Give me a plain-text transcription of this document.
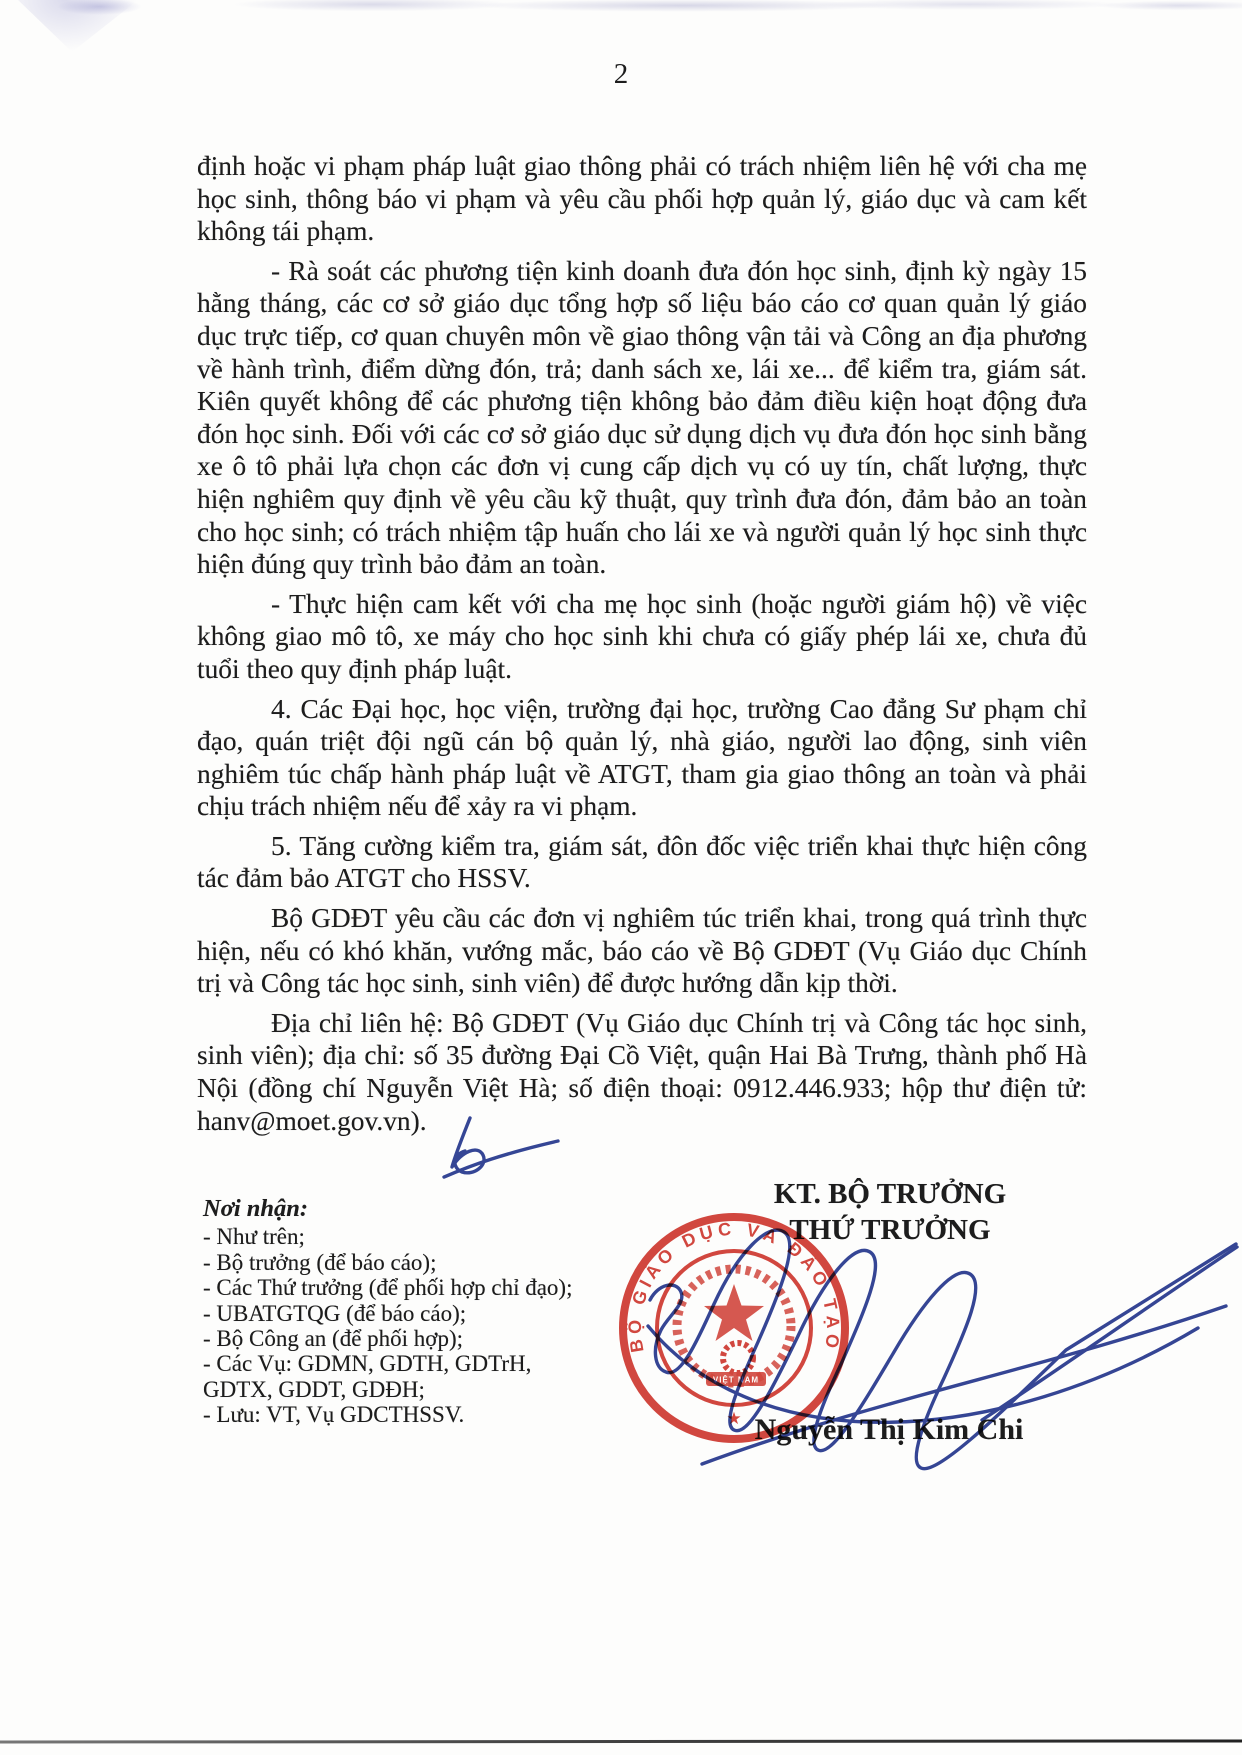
2

định hoặc vi phạm pháp luật giao thông phải có trách nhiệm liên hệ với cha mẹ học sinh, thông báo vi phạm và yêu cầu phối hợp quản lý, giáo dục và cam kết không tái phạm.

- Rà soát các phương tiện kinh doanh đưa đón học sinh, định kỳ ngày 15 hằng tháng, các cơ sở giáo dục tổng hợp số liệu báo cáo cơ quan quản lý giáo dục trực tiếp, cơ quan chuyên môn về giao thông vận tải và Công an địa phương về hành trình, điểm dừng đón, trả; danh sách xe, lái xe... để kiểm tra, giám sát. Kiên quyết không để các phương tiện không bảo đảm điều kiện hoạt động đưa đón học sinh. Đối với các cơ sở giáo dục sử dụng dịch vụ đưa đón học sinh bằng xe ô tô phải lựa chọn các đơn vị cung cấp dịch vụ có uy tín, chất lượng, thực hiện nghiêm quy định về yêu cầu kỹ thuật, quy trình đưa đón, đảm bảo an toàn cho học sinh; có trách nhiệm tập huấn cho lái xe và người quản lý học sinh thực hiện đúng quy trình bảo đảm an toàn.

- Thực hiện cam kết với cha mẹ học sinh (hoặc người giám hộ) về việc không giao mô tô, xe máy cho học sinh khi chưa có giấy phép lái xe, chưa đủ tuổi theo quy định pháp luật.

4. Các Đại học, học viện, trường đại học, trường Cao đẳng Sư phạm chỉ đạo, quán triệt đội ngũ cán bộ quản lý, nhà giáo, người lao động, sinh viên nghiêm túc chấp hành pháp luật về ATGT, tham gia giao thông an toàn và phải chịu trách nhiệm nếu để xảy ra vi phạm.

5. Tăng cường kiểm tra, giám sát, đôn đốc việc triển khai thực hiện công tác đảm bảo ATGT cho HSSV.

Bộ GDĐT yêu cầu các đơn vị nghiêm túc triển khai, trong quá trình thực hiện, nếu có khó khăn, vướng mắc, báo cáo về Bộ GDĐT (Vụ Giáo dục Chính trị và Công tác học sinh, sinh viên) để được hướng dẫn kịp thời.

Địa chỉ liên hệ: Bộ GDĐT (Vụ Giáo dục Chính trị và Công tác học sinh, sinh viên); địa chỉ: số 35 đường Đại Cồ Việt, quận Hai Bà Trưng, thành phố Hà Nội (đồng chí Nguyễn Việt Hà; số điện thoại: 0912.446.933; hộp thư điện tử: hanv@moet.gov.vn).

Nơi nhận:
- Như trên;
- Bộ trưởng (để báo cáo);
- Các Thứ trưởng (để phối hợp chỉ đạo);
- UBATGTQG (để báo cáo);
- Bộ Công an (để phối hợp);
- Các Vụ: GDMN, GDTH, GDTrH,
GDTX, GDDT, GDĐH;
- Lưu: VT, Vụ GDCTHSSV.
KT. BỘ TRƯỞNG
THỨ TRƯỞNG
Nguyễn Thị Kim Chi
VIỆT NAM
BỘ GIÁO DỤC VÀ ĐÀO TẠO
★
